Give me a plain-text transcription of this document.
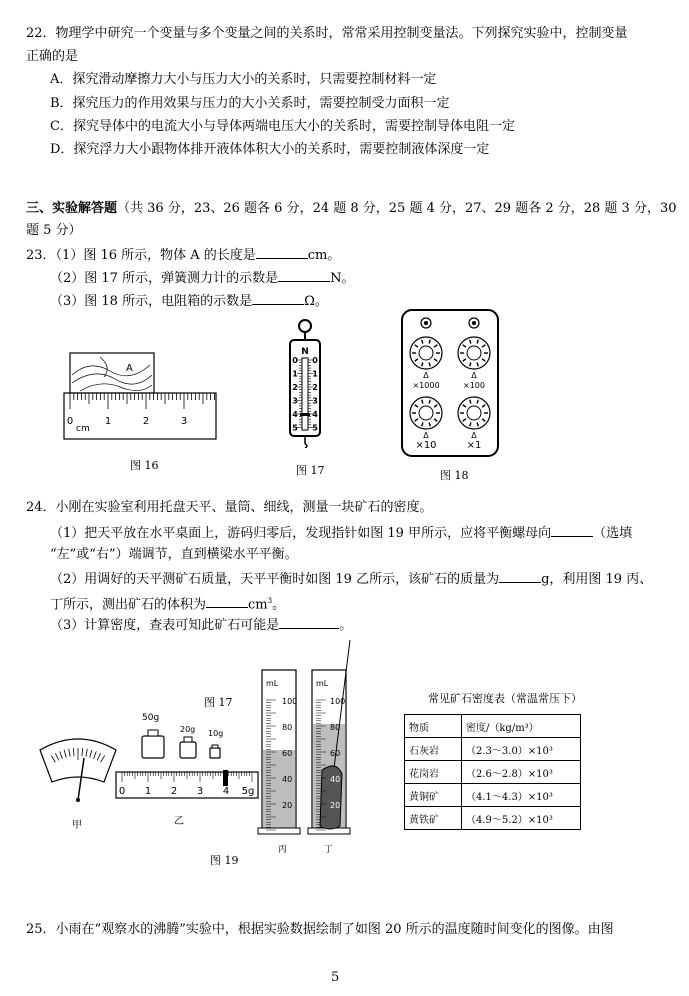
22．物理学中研究一个变量与多个变量之间的关系时，常常采用控制变量法。下列探究实验中，控制变量
正确的是
A．探究滑动摩擦力大小与压力大小的关系时，只需要控制材料一定
B．探究压力的作用效果与压力的大小关系时，需要控制受力面积一定
C．探究导体中的电流大小与导体两端电压大小的关系时，需要控制导体电阻一定
D．探究浮力大小跟物体排开液体体积大小的关系时，需要控制液体深度一定
三、实验解答题（共 36 分，23、26 题各 6 分，24 题 8 分，25 题 4 分，27、29 题各 2 分，28 题 3 分，30
题 5 分）
23．（1）图 16 所示，物体 A 的长度是	cm。
（2）图 17 所示，弹簧测力计的示数是	N。
（3）图 18 所示，电阻箱的示数是	Ω。
A
cm
0	1	2	3
图 16
N
0 0
1 1
2 2
3 3
4 4
5 5
图 17
×1000	×100
×10	×1
Δ	Δ
Δ	Δ
图 18
24．小刚在实验室利用托盘天平、量筒、细线，测量一块矿石的密度。
（1）把天平放在水平桌面上，游码归零后，发现指针如图 19 甲所示，应将平衡螺母向	（选填
“左”或“右”）端调节，直到横梁水平平衡。
（2）用调好的天平测矿石质量，天平平衡时如图 19 乙所示，该矿石的质量为	g，利用图 19 丙、
丁所示，测出矿石的体积为	$cm^3$。
（3）计算密度，查表可知此矿石可能是	。
甲
图 17
50g
20g 10g
0 1 2 3 4 5g
乙
mL
100
80
60
40
20
丙
mL
100
80
60
40
20
丁
图 19
常见矿石密度表（常温常压下）
物质	密度/（kg/m³）
石灰岩	（2.3～3.0）×10³
花岗岩	（2.6～2.8）×10³
黄铜矿	（4.1～4.3）×10³
黄铁矿	（4.9～5.2）×10³
25．小雨在“观察水的沸腾”实验中，根据实验数据绘制了如图 20 所示的温度随时间变化的图像。由图
5
